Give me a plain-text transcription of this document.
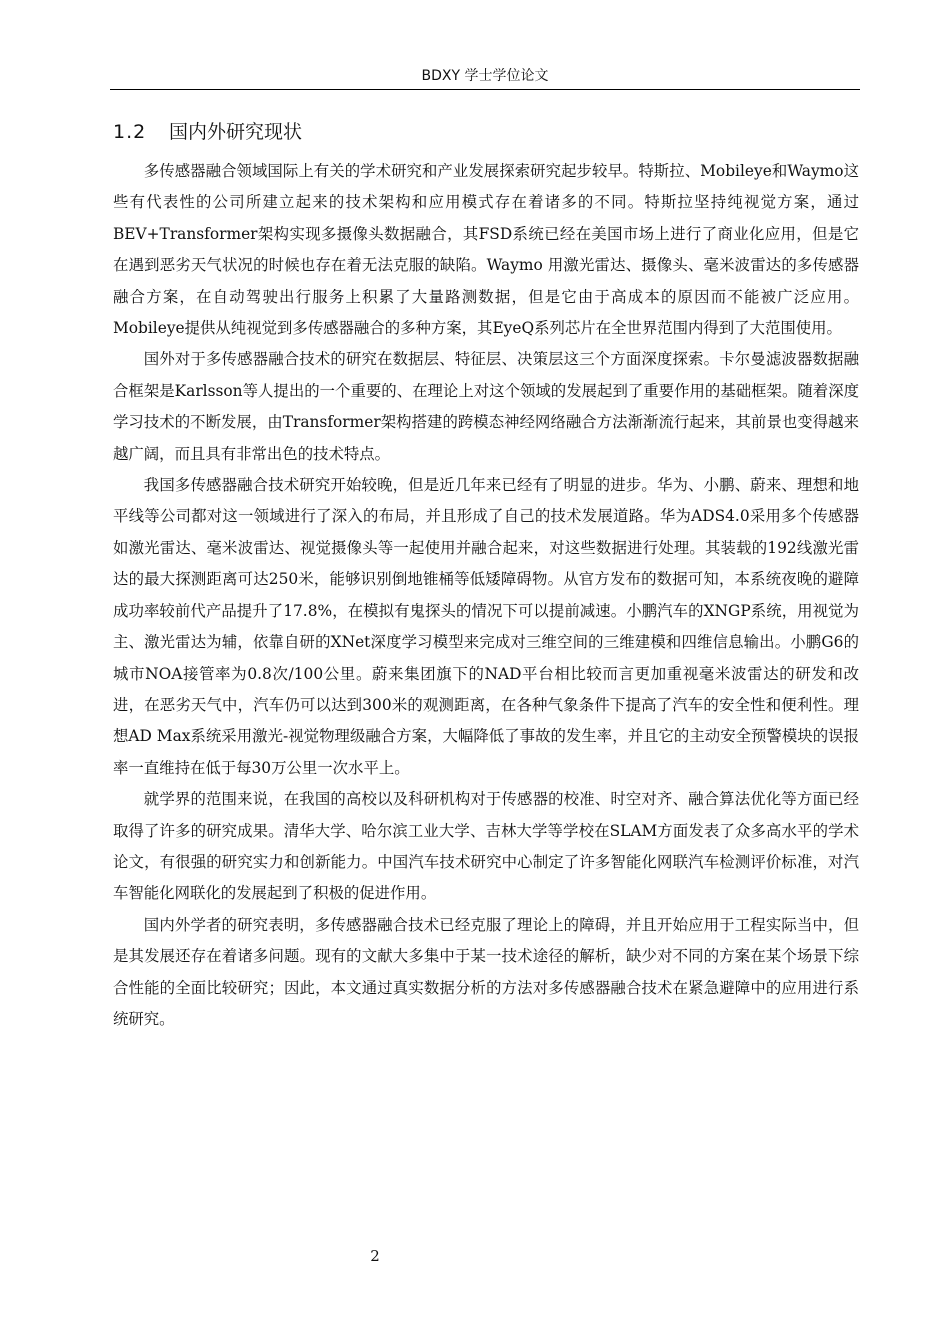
BDXY 学士学位论文
1.2 国内外研究现状

多传感器融合领域国际上有关的学术研究和产业发展探索研究起步较早。特斯拉、Mobileye和Waymo这些有代表性的公司所建立起来的技术架构和应用模式存在着诸多的不同。特斯拉坚持纯视觉方案，通过BEV+Transformer架构实现多摄像头数据融合，其FSD系统已经在美国市场上进行了商业化应用，但是它在遇到恶劣天气状况的时候也存在着无法克服的缺陷。Waymo 用激光雷达、摄像头、毫米波雷达的多传感器融合方案，在自动驾驶出行服务上积累了大量路测数据，但是它由于高成本的原因而不能被广泛应用。Mobileye提供从纯视觉到多传感器融合的多种方案，其EyeQ系列芯片在全世界范围内得到了大范围使用。

国外对于多传感器融合技术的研究在数据层、特征层、决策层这三个方面深度探索。卡尔曼滤波器数据融合框架是Karlsson等人提出的一个重要的、在理论上对这个领域的发展起到了重要作用的基础框架。随着深度学习技术的不断发展，由Transformer架构搭建的跨模态神经网络融合方法渐渐流行起来，其前景也变得越来越广阔，而且具有非常出色的技术特点。

我国多传感器融合技术研究开始较晚，但是近几年来已经有了明显的进步。华为、小鹏、蔚来、理想和地平线等公司都对这一领域进行了深入的布局，并且形成了自己的技术发展道路。华为ADS4.0采用多个传感器如激光雷达、毫米波雷达、视觉摄像头等一起使用并融合起来，对这些数据进行处理。其装载的192线激光雷达的最大探测距离可达250米，能够识别倒地锥桶等低矮障碍物。从官方发布的数据可知，本系统夜晚的避障成功率较前代产品提升了17.8%，在模拟有鬼探头的情况下可以提前减速。小鹏汽车的XNGP系统，用视觉为主、激光雷达为辅，依靠自研的XNet深度学习模型来完成对三维空间的三维建模和四维信息输出。小鹏G6的城市NOA接管率为0.8次/100公里。蔚来集团旗下的NAD平台相比较而言更加重视毫米波雷达的研发和改进，在恶劣天气中，汽车仍可以达到300米的观测距离，在各种气象条件下提高了汽车的安全性和便利性。理想AD Max系统采用激光-视觉物理级融合方案，大幅降低了事故的发生率，并且它的主动安全预警模块的误报率一直维持在低于每30万公里一次水平上。

就学界的范围来说，在我国的高校以及科研机构对于传感器的校准、时空对齐、融合算法优化等方面已经取得了许多的研究成果。清华大学、哈尔滨工业大学、吉林大学等学校在SLAM方面发表了众多高水平的学术论文，有很强的研究实力和创新能力。中国汽车技术研究中心制定了许多智能化网联汽车检测评价标准，对汽车智能化网联化的发展起到了积极的促进作用。

国内外学者的研究表明，多传感器融合技术已经克服了理论上的障碍，并且开始应用于工程实际当中，但是其发展还存在着诸多问题。现有的文献大多集中于某一技术途径的解析，缺少对不同的方案在某个场景下综合性能的全面比较研究；因此，本文通过真实数据分析的方法对多传感器融合技术在紧急避障中的应用进行系统研究。

2
